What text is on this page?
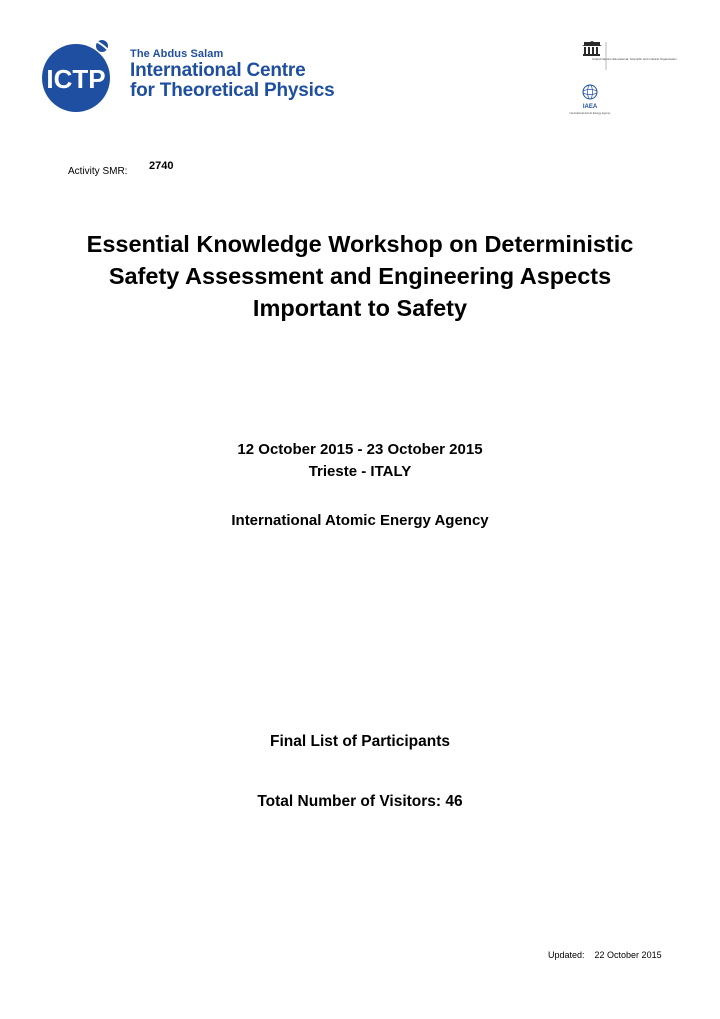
ICTP
The Abdus Salam
International Centre
for Theoretical Physics
United Nations Educational, Scientific and Cultural Organization
IAEA
International Atomic Energy Agency
Activity SMR: 2740
Essential Knowledge Workshop on Deterministic
Safety Assessment and Engineering Aspects
Important to Safety
12 October 2015 - 23 October 2015
Trieste - ITALY
International Atomic Energy Agency
Final List of Participants
Total Number of Visitors: 46
Updated: 22 October 2015
